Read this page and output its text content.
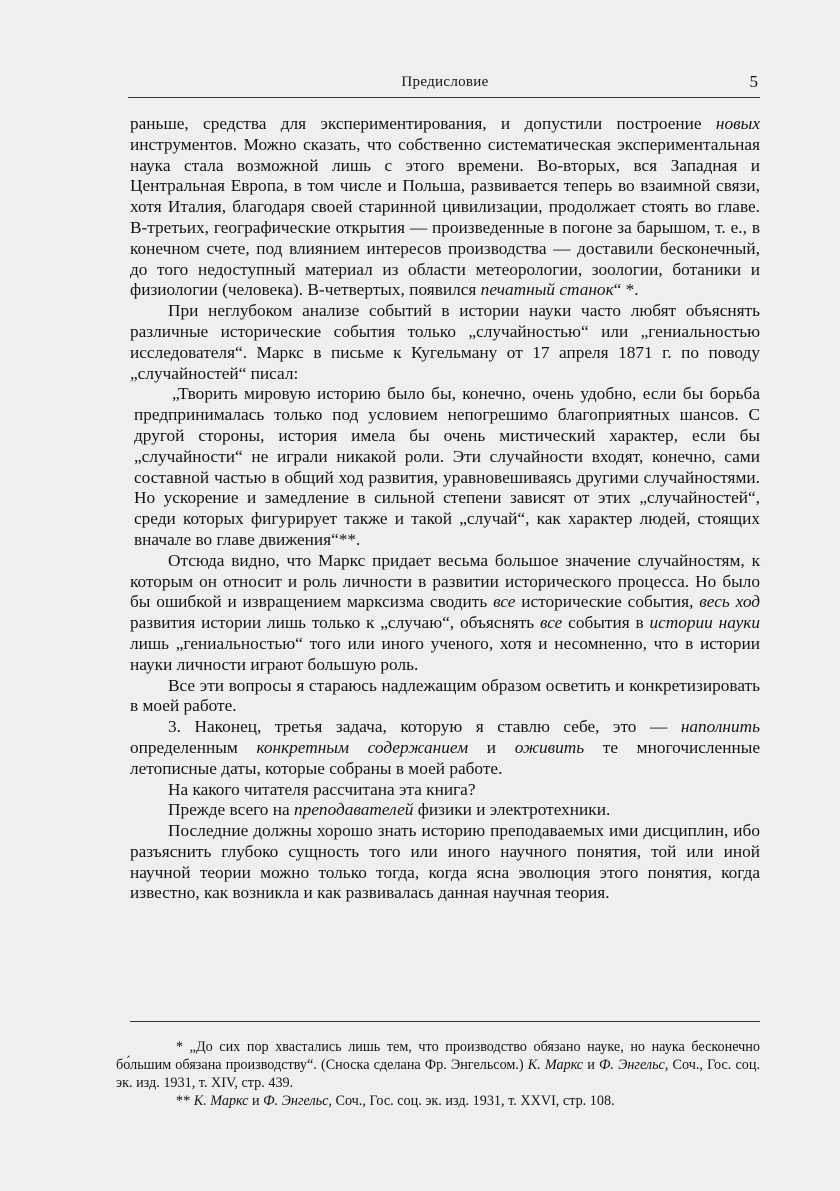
Предисловие	5

раньше, средства для экспериментирования, и допустили построение новых инструментов. Можно сказать, что собственно систематическая экспериментальная наука стала возможной лишь с этого времени. Во-вторых, вся Западная и Центральная Европа, в том числе и Польша, развивается теперь во взаимной связи, хотя Италия, благодаря своей старинной цивилизации, продолжает стоять во главе. В-третьих, географические открытия — произведенные в погоне за барышом, т. е., в конечном счете, под влиянием интересов производства — доставили бесконечный, до того недоступный материал из области метеорологии, зоологии, ботаники и физиологии (человека). В-четвертых, появился печатный станок“ *.

При неглубоком анализе событий в истории науки часто любят объяснять различные исторические события только „случайностью“ или „гениальностью исследователя“. Маркс в письме к Кугельману от 17 апреля 1871 г. по поводу „случайностей“ писал:

„Творить мировую историю было бы, конечно, очень удобно, если бы борьба предпринималась только под условием непогрешимо благоприятных шансов. С другой стороны, история имела бы очень мистический характер, если бы „случайности“ не играли никакой роли. Эти случайности входят, конечно, сами составной частью в общий ход развития, уравновешиваясь другими случайностями. Но ускорение и замедление в сильной степени зависят от этих „случайностей“, среди которых фигурирует также и такой „случай“, как характер людей, стоящих вначале во главе движения“**.

Отсюда видно, что Маркс придает весьма большое значение случайностям, к которым он относит и роль личности в развитии исторического процесса. Но было бы ошибкой и извращением марксизма сводить все исторические события, весь ход развития истории лишь только к „случаю“, объяснять все события в истории науки лишь „гениальностью“ того или иного ученого, хотя и несомненно, что в истории науки личности играют большую роль.

Все эти вопросы я стараюсь надлежащим образом осветить и конкретизировать в моей работе.

3. Наконец, третья задача, которую я ставлю себе, это — наполнить определенным конкретным содержанием и оживить те многочисленные летописные даты, которые собраны в моей работе.

На какого читателя рассчитана эта книга?

Прежде всего на преподавателей физики и электротехники.

Последние должны хорошо знать историю преподаваемых ими дисциплин, ибо разъяснить глубоко сущность того или иного научного понятия, той или иной научной теории можно только тогда, когда ясна эволюция этого понятия, когда известно, как возникла и как развивалась данная научная теория.

* „До сих пор хвастались лишь тем, что производство обязано науке, но наука бесконечно бо́льшим обязана производству“. (Сноска сделана Фр. Энгельсом.) К. Маркс и Ф. Энгельс, Соч., Гос. соц. эк. изд. 1931, т. XIV, стр. 439.

** К. Маркс и Ф. Энгельс, Соч., Гос. соц. эк. изд. 1931, т. XXVI, стр. 108.
